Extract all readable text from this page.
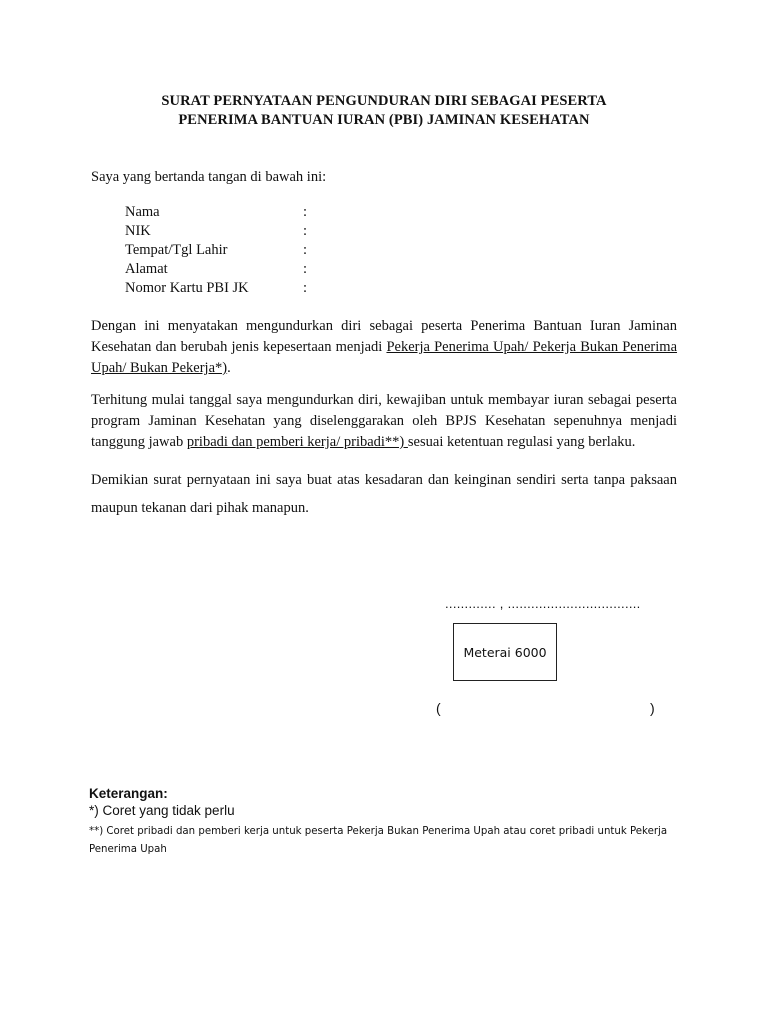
SURAT PERNYATAAN PENGUNDURAN DIRI SEBAGAI PESERTA
PENERIMA BANTUAN IURAN (PBI) JAMINAN KESEHATAN
Saya yang bertanda tangan di bawah ini:
Nama	:
NIK	:
Tempat/Tgl Lahir	:
Alamat	:
Nomor Kartu PBI JK	:
Dengan ini menyatakan mengundurkan diri sebagai peserta Penerima Bantuan Iuran Jaminan Kesehatan dan berubah jenis kepesertaan menjadi Pekerja Penerima Upah/ Pekerja Bukan Penerima Upah/ Bukan Pekerja*).
Terhitung mulai tanggal saya mengundurkan diri, kewajiban untuk membayar iuran sebagai peserta program Jaminan Kesehatan yang diselenggarakan oleh BPJS Kesehatan sepenuhnya menjadi tanggung jawab pribadi dan pemberi kerja/ pribadi**) sesuai ketentuan regulasi yang berlaku.
Demikian surat pernyataan ini saya buat atas kesadaran dan keinginan sendiri serta tanpa paksaan maupun tekanan dari pihak manapun.
............. , ..................................
Meterai 6000
(	)
Keterangan:
*) Coret yang tidak perlu
**) Coret pribadi dan pemberi kerja untuk peserta Pekerja Bukan Penerima Upah atau coret pribadi untuk Pekerja Penerima Upah
